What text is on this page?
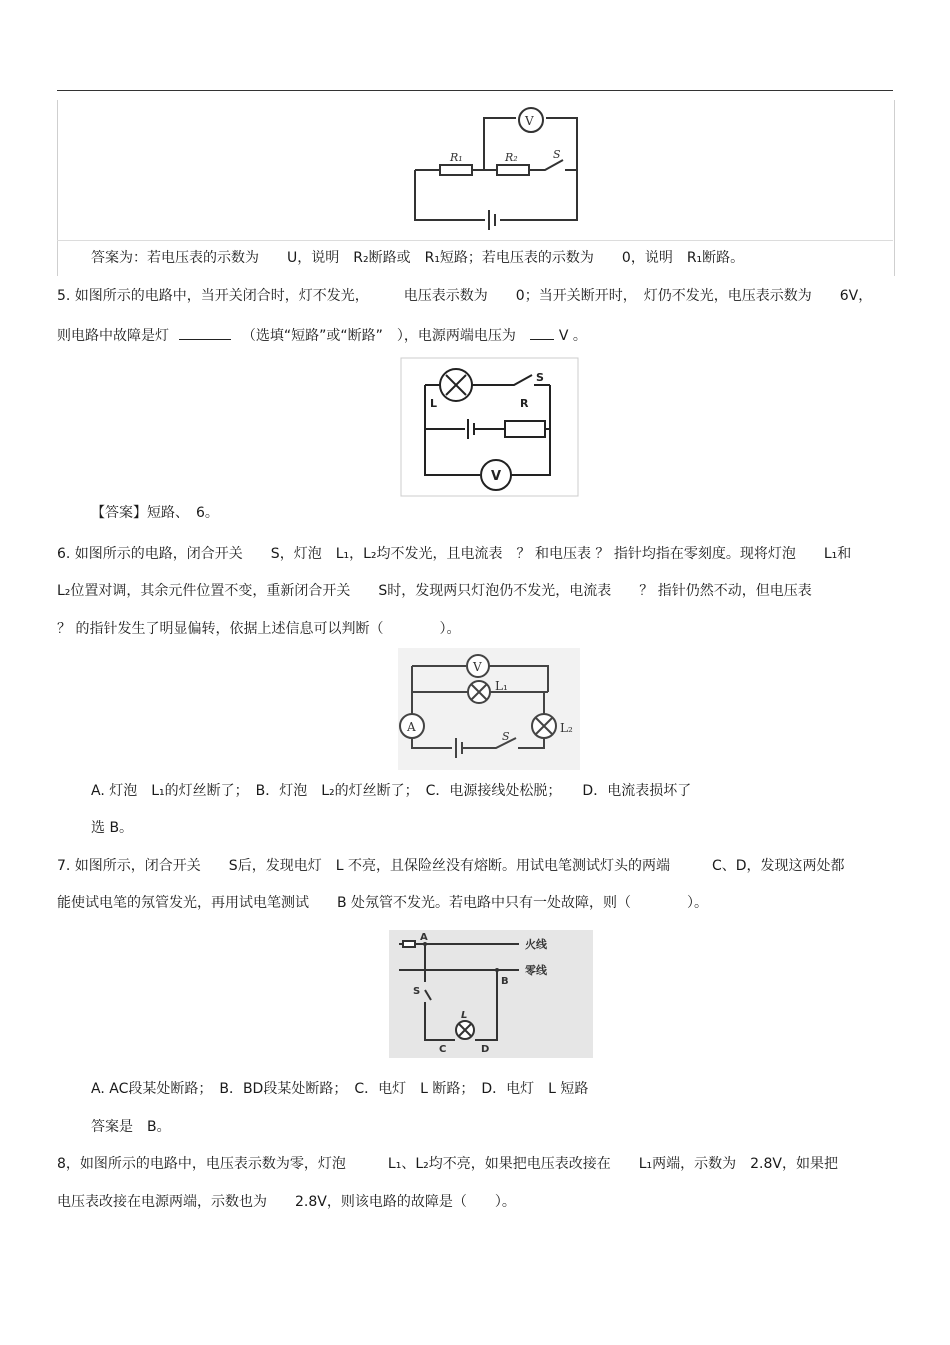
R₁	R₂	S
V
答案为：若电压表的示数为　　U，说明　R₂断路或　R₁短路；若电压表的示数为　　0，说明　R₁断路。
5. 如图所示的电路中，当开关闭合时，灯不发光，　　　电压表示数为　　0；当开关断开时，　灯仍不发光，电压表示数为　　6V，
则电路中故障是灯	（选填“短路”或“断路”　），电源两端电压为	V 。
L	R
S
V
【答案】短路、　6。
6. 如图所示的电路，闭合开关　　S，灯泡　L₁，L₂均不发光，且电流表　？ 和电压表 ？ 指针均指在零刻度。现将灯泡　　L₁和
L₂位置对调，其余元件位置不变，重新闭合开关　　S时，发现两只灯泡仍不发光，电流表　　？ 指针仍然不动，但电压表
？ 的指针发生了明显偏转，依据上述信息可以判断（　　　　）。
V
L₁
A	L₂
S
A. 灯泡　L₁的灯丝断了；　B．灯泡　L₂的灯丝断了；　C．电源接线处松脱；　　D．电流表损坏了
选 B。
7. 如图所示，闭合开关　　S后，发现电灯　L 不亮，且保险丝没有熔断。用试电笔测试灯头的两端　　　C、D，发现这两处都
能使试电笔的氖管发光，再用试电笔测试　　B 处氖管不发光。若电路中只有一处故障，则（　　　　）。
火线
零线
A
B
S
L
C	D
A. AC段某处断路；　B．BD段某处断路；　C．电灯　L 断路；　D．电灯　L 短路
答案是　B。
8，如图所示的电路中，电压表示数为零，灯泡　　　L₁、L₂均不亮，如果把电压表改接在　　L₁两端，示数为　2.8V，如果把
电压表改接在电源两端，示数也为　　2.8V，则该电路的故障是（　　）。
